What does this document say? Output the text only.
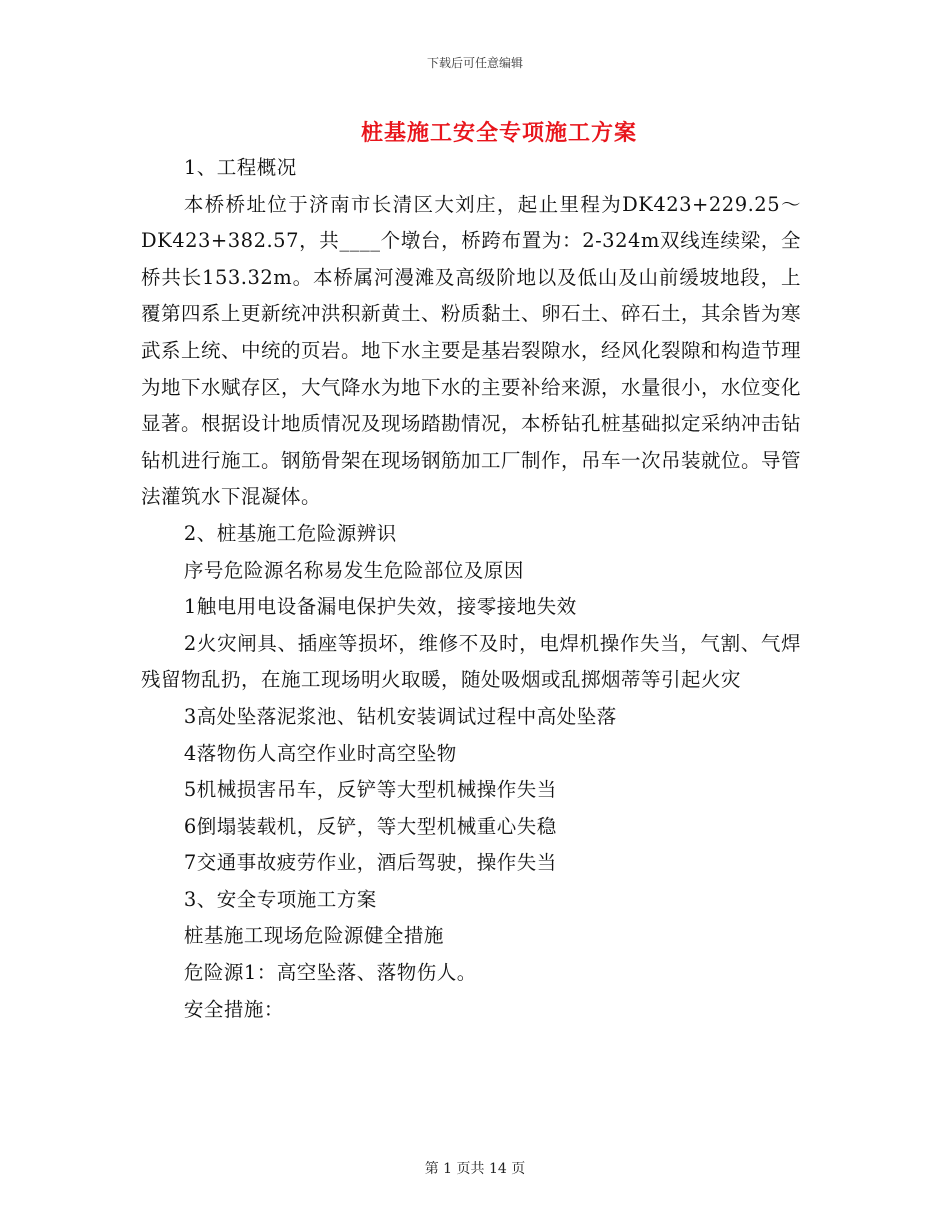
下载后可任意编辑
桩基施工安全专项施工方案

1、工程概况

本桥桥址位于济南市长清区大刘庄，起止里程为DK423+229.25～DK423+382.57，共____个墩台，桥跨布置为：2-324m双线连续梁，全桥共长153.32m。本桥属河漫滩及高级阶地以及低山及山前缓坡地段，上覆第四系上更新统冲洪积新黄土、粉质黏土、卵石土、碎石土，其余皆为寒武系上统、中统的页岩。地下水主要是基岩裂隙水，经风化裂隙和构造节理为地下水赋存区，大气降水为地下水的主要补给来源，水量很小，水位变化显著。根据设计地质情况及现场踏勘情况，本桥钻孔桩基础拟定采纳冲击钻钻机进行施工。钢筋骨架在现场钢筋加工厂制作，吊车一次吊装就位。导管法灌筑水下混凝体。

2、桩基施工危险源辨识

序号危险源名称易发生危险部位及原因

1触电用电设备漏电保护失效，接零接地失效

2火灾闸具、插座等损坏，维修不及时，电焊机操作失当，气割、气焊残留物乱扔，在施工现场明火取暖，随处吸烟或乱掷烟蒂等引起火灾

3高处坠落泥浆池、钻机安装调试过程中高处坠落

4落物伤人高空作业时高空坠物

5机械损害吊车，反铲等大型机械操作失当

6倒塌装载机，反铲，等大型机械重心失稳

7交通事故疲劳作业，酒后驾驶，操作失当

3、安全专项施工方案

桩基施工现场危险源健全措施

危险源1：高空坠落、落物伤人。

安全措施：

第 1 页共 14 页
